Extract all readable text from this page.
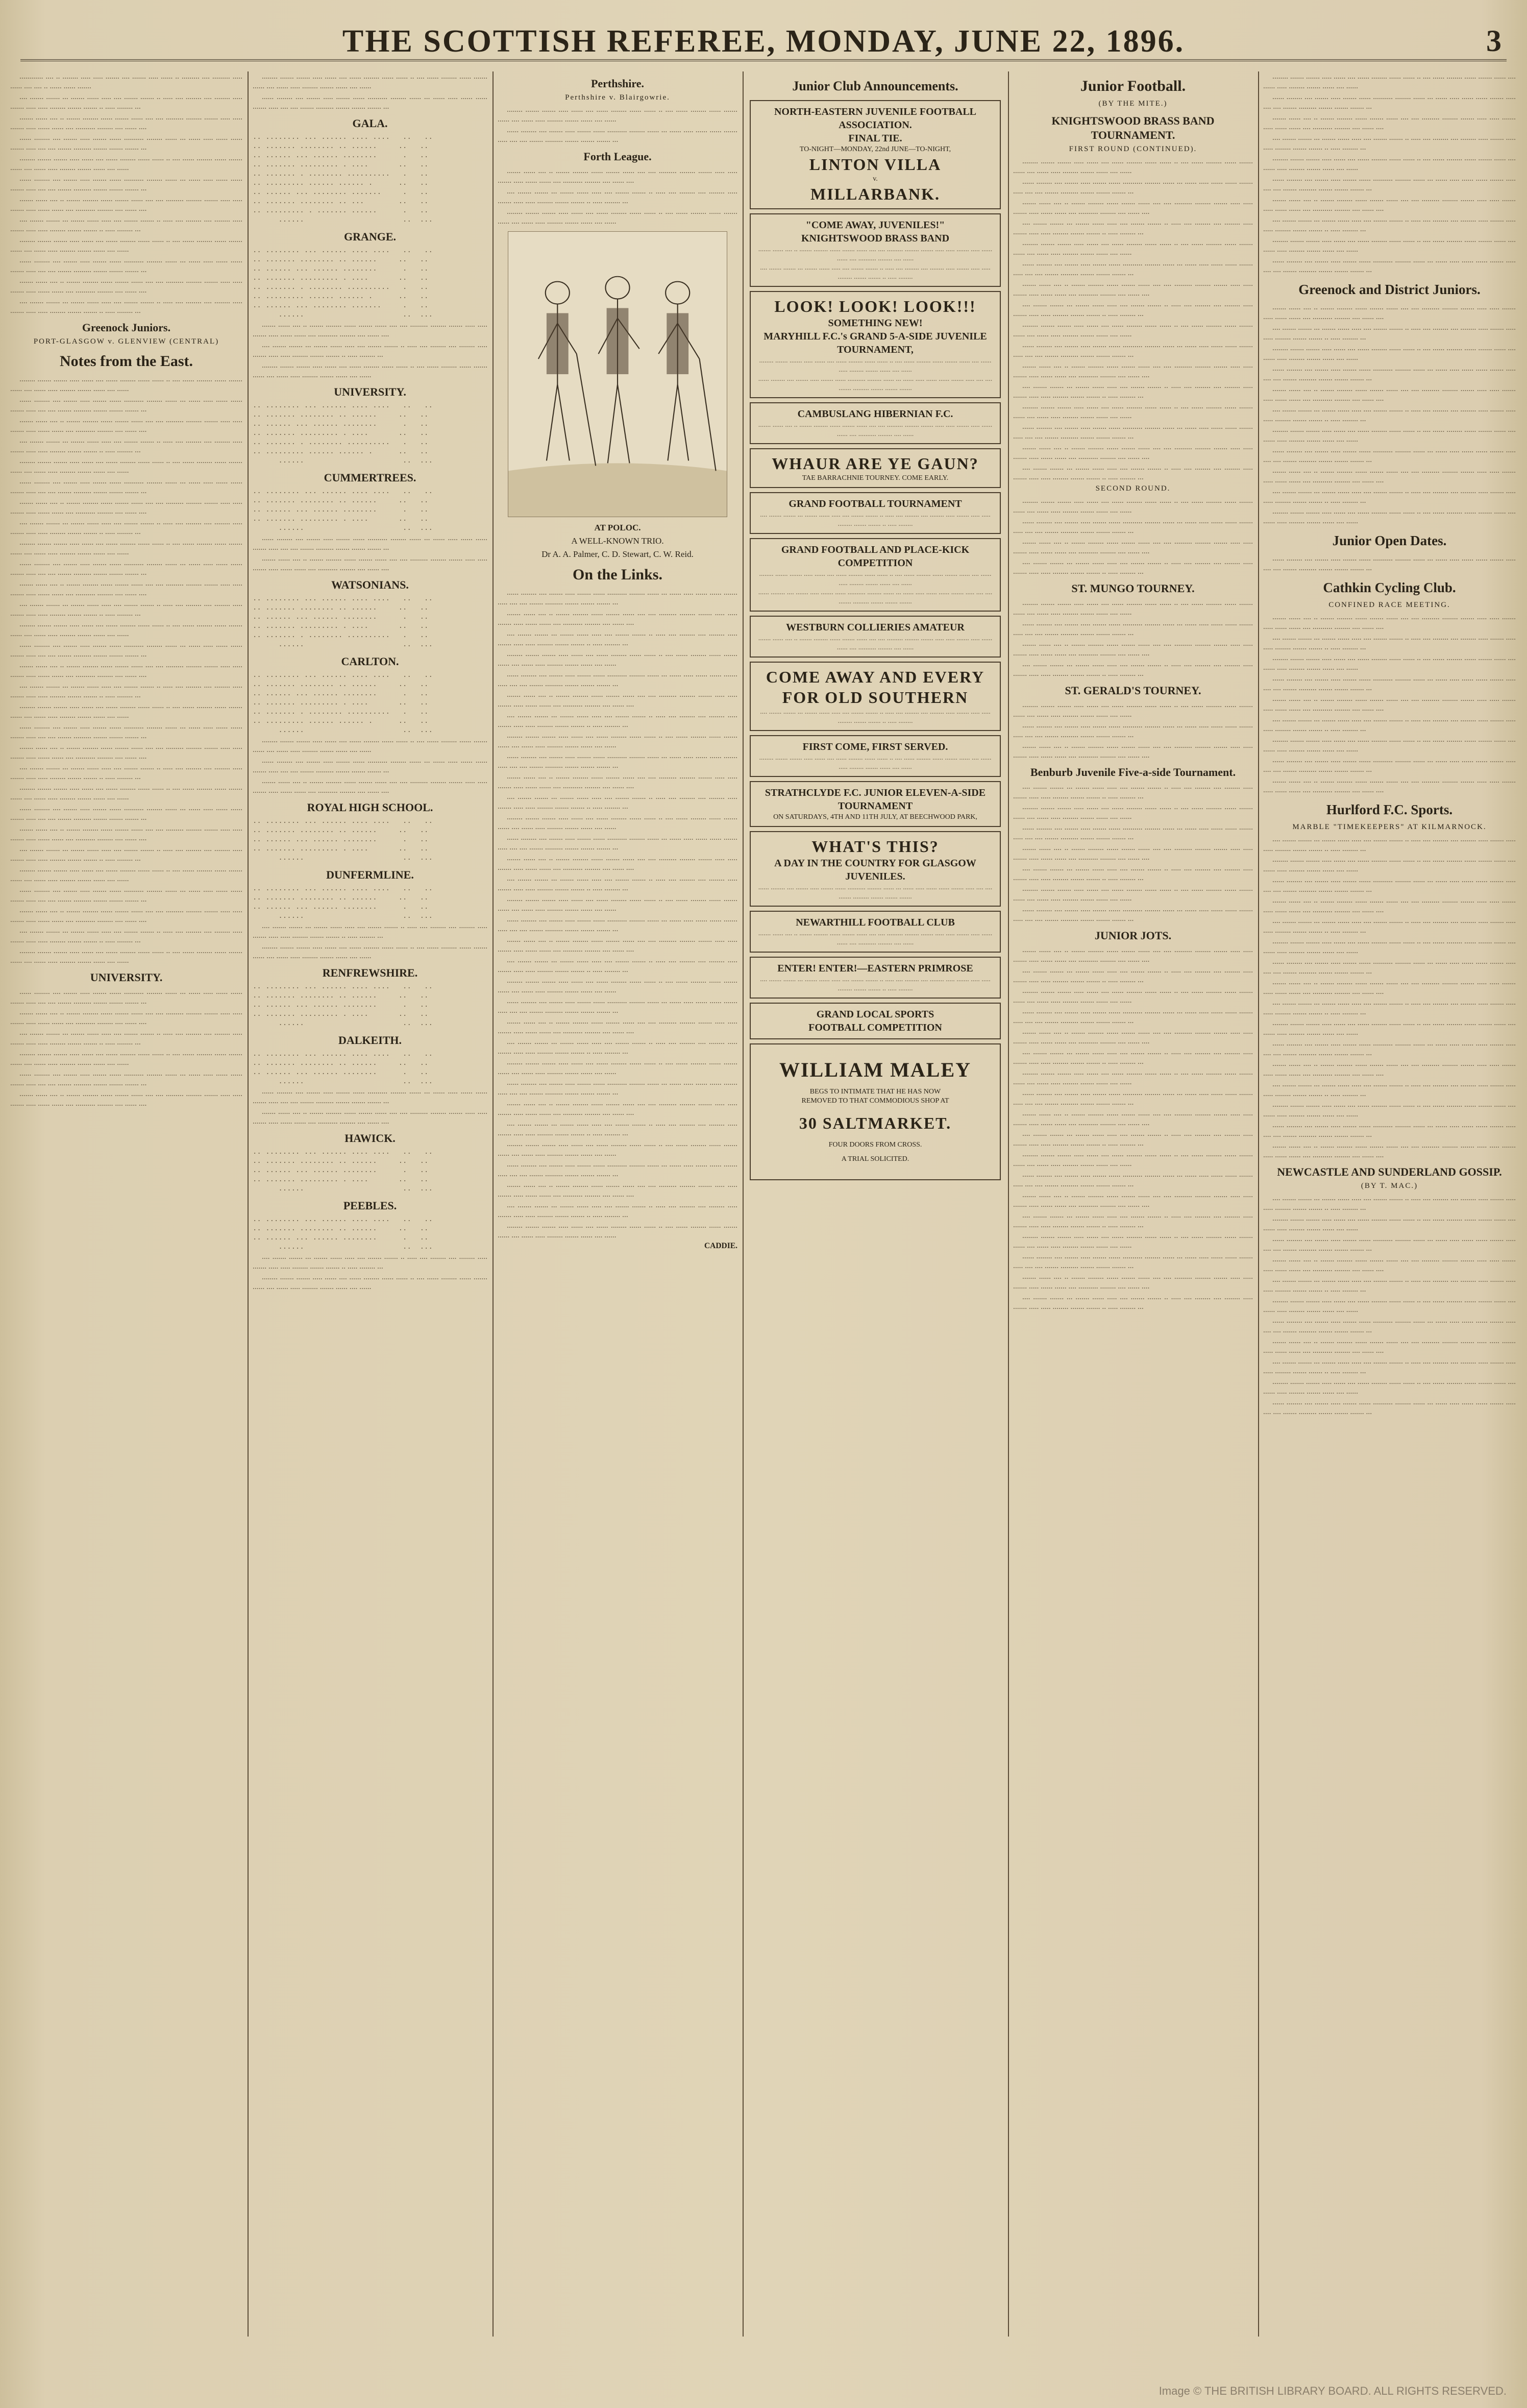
THE SCOTTISH REFEREE, MONDAY, JUNE 22, 1896.	3
............ .... .. ........ ..... ..... ....... .... ....... ..... ...... .. ......... .... ......... ..... ...... .... .... .. ...... ...... .......
.... ....... ....... ... ....... ...... ..... .... ....... ....... .. ..... .... ........ .... ........ ..... ....... ..... ..... ........ ....... ....... .. ..... ........ ...
....... ...... .... .. ....... ........ ...... ....... ...... .... .... ......... ........ ....... ..... ..... ....... ..... ...... ...... .... .......... ........ .... ...... ....
...... ........ .... ....... ..... ....... ...... .......... ........ ...... ... ...... ..... ...... ...... ....... ..... .... .... ....... ......... ....... ....... ....... ...
........ ....... ....... ..... ...... .... ...... ........ ...... ...... .. .... ...... ........ ...... ....... ...... .... ...... ..... ........ ....... ...... .... ......
...... ........ .... ....... ..... ....... ...... .......... ........ ...... ... ...... ..... ...... ...... ....... ..... .... .... ....... ......... ....... ....... ....... ...
....... ...... .... .. ....... ........ ...... ....... ...... .... .... ......... ........ ....... ..... ..... ....... ..... ...... ...... .... .......... ........ .... ...... ....
.... ....... ....... ... ....... ...... ..... .... ....... ....... .. ..... .... ........ .... ........ ..... ....... ..... ..... ........ ....... ....... .. ..... ........ ...
........ ....... ....... ..... ...... .... ...... ........ ...... ...... .. .... ...... ........ ...... ....... ...... .... ...... ..... ........ ....... ...... .... ......
...... ........ .... ....... ..... ....... ...... .......... ........ ...... ... ...... ..... ...... ...... ....... ..... .... .... ....... ......... ....... ....... ....... ...
....... ...... .... .. ....... ........ ...... ....... ...... .... .... ......... ........ ....... ..... ..... ....... ..... ...... ...... .... .......... ........ .... ...... ....
.... ....... ....... ... ....... ...... ..... .... ....... ....... .. ..... .... ........ .... ........ ..... ....... ..... ..... ........ ....... ....... .. ..... ........ ...
Greenock Juniors.
PORT-GLASGOW v. GLENVIEW (CENTRAL)
Notes from the East.
........ ....... ....... ..... ...... .... ...... ........ ...... ...... .. .... ...... ........ ...... ....... ...... .... ...... ..... ........ ....... ...... .... ......
...... ........ .... ....... ..... ....... ...... .......... ........ ...... ... ...... ..... ...... ...... ....... ..... .... .... ....... ......... ....... ....... ....... ...
....... ...... .... .. ....... ........ ...... ....... ...... .... .... ......... ........ ....... ..... ..... ....... ..... ...... ...... .... .......... ........ .... ...... ....
.... ....... ....... ... ....... ...... ..... .... ....... ....... .. ..... .... ........ .... ........ ..... ....... ..... ..... ........ ....... ....... .. ..... ........ ...
........ ....... ....... ..... ...... .... ...... ........ ...... ...... .. .... ...... ........ ...... ....... ...... .... ...... ..... ........ ....... ...... .... ......
...... ........ .... ....... ..... ....... ...... .......... ........ ...... ... ...... ..... ...... ...... ....... ..... .... .... ....... ......... ....... ....... ....... ...
....... ...... .... .. ....... ........ ...... ....... ...... .... .... ......... ........ ....... ..... ..... ....... ..... ...... ...... .... .......... ........ .... ...... ....
.... ....... ....... ... ....... ...... ..... .... ....... ....... .. ..... .... ........ .... ........ ..... ....... ..... ..... ........ ....... ....... .. ..... ........ ...
........ ....... ....... ..... ...... .... ...... ........ ...... ...... .. .... ...... ........ ...... ....... ...... .... ...... ..... ........ ....... ...... .... ......
...... ........ .... ....... ..... ....... ...... .......... ........ ...... ... ...... ..... ...... ...... ....... ..... .... .... ....... ......... ....... ....... ....... ...
....... ...... .... .. ....... ........ ...... ....... ...... .... .... ......... ........ ....... ..... ..... ....... ..... ...... ...... .... .......... ........ .... ...... ....
.... ....... ....... ... ....... ...... ..... .... ....... ....... .. ..... .... ........ .... ........ ..... ....... ..... ..... ........ ....... ....... .. ..... ........ ...
........ ....... ....... ..... ...... .... ...... ........ ...... ...... .. .... ...... ........ ...... ....... ...... .... ...... ..... ........ ....... ...... .... ......
...... ........ .... ....... ..... ....... ...... .......... ........ ...... ... ...... ..... ...... ...... ....... ..... .... .... ....... ......... ....... ....... ....... ...
....... ...... .... .. ....... ........ ...... ....... ...... .... .... ......... ........ ....... ..... ..... ....... ..... ...... ...... .... .......... ........ .... ...... ....
.... ....... ....... ... ....... ...... ..... .... ....... ....... .. ..... .... ........ .... ........ ..... ....... ..... ..... ........ ....... ....... .. ..... ........ ...
........ ....... ....... ..... ...... .... ...... ........ ...... ...... .. .... ...... ........ ...... ....... ...... .... ...... ..... ........ ....... ...... .... ......
...... ........ .... ....... ..... ....... ...... .......... ........ ...... ... ...... ..... ...... ...... ....... ..... .... .... ....... ......... ....... ....... ....... ...
....... ...... .... .. ....... ........ ...... ....... ...... .... .... ......... ........ ....... ..... ..... ....... ..... ...... ...... .... .......... ........ .... ...... ....
.... ....... ....... ... ....... ...... ..... .... ....... ....... .. ..... .... ........ .... ........ ..... ....... ..... ..... ........ ....... ....... .. ..... ........ ...
........ ....... ....... ..... ...... .... ...... ........ ...... ...... .. .... ...... ........ ...... ....... ...... .... ...... ..... ........ ....... ...... .... ......
...... ........ .... ....... ..... ....... ...... .......... ........ ...... ... ...... ..... ...... ...... ....... ..... .... .... ....... ......... ....... ....... ....... ...
....... ...... .... .. ....... ........ ...... ....... ...... .... .... ......... ........ ....... ..... ..... ....... ..... ...... ...... .... .......... ........ .... ...... ....
.... ....... ....... ... ....... ...... ..... .... ....... ....... .. ..... .... ........ .... ........ ..... ....... ..... ..... ........ ....... ....... .. ..... ........ ...
........ ....... ....... ..... ...... .... ...... ........ ...... ...... .. .... ...... ........ ...... ....... ...... .... ...... ..... ........ ....... ...... .... ......
...... ........ .... ....... ..... ....... ...... .......... ........ ...... ... ...... ..... ...... ...... ....... ..... .... .... ....... ......... ....... ....... ....... ...
....... ...... .... .. ....... ........ ...... ....... ...... .... .... ......... ........ ....... ..... ..... ....... ..... ...... ...... .... .......... ........ .... ...... ....
.... ....... ....... ... ....... ...... ..... .... ....... ....... .. ..... .... ........ .... ........ ..... ....... ..... ..... ........ ....... ....... .. ..... ........ ...
........ ....... ....... ..... ...... .... ...... ........ ...... ...... .. .... ...... ........ ...... ....... ...... .... ...... ..... ........ ....... ...... .... ......
UNIVERSITY.
...... ........ .... ....... ..... ....... ...... .......... ........ ...... ... ...... ..... ...... ...... ....... ..... .... .... ....... ......... ....... ....... ....... ...
....... ...... .... .. ....... ........ ...... ....... ...... .... .... ......... ........ ....... ..... ..... ....... ..... ...... ...... .... .......... ........ .... ...... ....
.... ....... ....... ... ....... ...... ..... .... ....... ....... .. ..... .... ........ .... ........ ..... ....... ..... ..... ........ ....... ....... .. ..... ........ ...
........ ....... ....... ..... ...... .... ...... ........ ...... ...... .. .... ...... ........ ...... ....... ...... .... ...... ..... ........ ....... ...... .... ......
...... ........ .... ....... ..... ....... ...... .......... ........ ...... ... ...... ..... ...... ...... ....... ..... .... .... ....... ......... ....... ....... ....... ...
....... ...... .... .. ....... ........ ...... ....... ...... .... .... ......... ........ ....... ..... ..... ....... ..... ...... ...... .... .......... ........ .... ...... ....
........ ....... ....... ..... ...... .... ...... ........ ...... ...... .. .... ...... ........ ...... ....... ...... .... ...... ..... ........ ....... ...... .... ......
...... ........ .... ....... ..... ....... ...... .......... ........ ...... ... ...... ..... ...... ...... ....... ..... .... .... ....... ......... ....... ....... ....... ...
GALA.
.. ........ ... ...... .... ....   ..   ..
.. ....... ........ .. ......     ..   ..
.. ...... ... ...... ........      .   ..
.. ....... ......... . ....       ..   ..
.. ....... . ........ ..........   .   ..
.. ......... ...... ...... .      ..   ..
.. ...... ... ........ .......     .   ..
.. ....... ........ .. ...        ..   ..
.. ......... . ....... ......      .   ..
......                       ..  ...
GRANGE.
.. ........ ... ...... .... ....   ..   ..
.. ....... ........ .. ......     ..   ..
.. ...... ... ...... ........      .   ..
.. ....... ......... . ....       ..   ..
.. ....... . ........ ..........   .   ..
.. ......... ...... ...... .      ..   ..
.. ...... ... ........ .......     .   ..
......                       ..  ...
....... ...... .... .. ....... ........ ...... ....... ...... .... .... ......... ........ ....... ..... ..... ....... ..... ...... ...... .... .......... ........ .... ...... ....
.... ....... ....... ... ....... ...... ..... .... ....... ....... .. ..... .... ........ .... ........ ..... ....... ..... ..... ........ ....... ....... .. ..... ........ ...
........ ....... ....... ..... ...... .... ...... ........ ...... ...... .. .... ...... ........ ...... ....... ...... .... ...... ..... ........ ....... ...... .... ......
UNIVERSITY.
.. ........ ... ...... .... ....   ..   ..
.. ....... ........ .. ......     ..   ..
.. ...... ... ...... ........      .   ..
.. ....... ......... . ....       ..   ..
.. ....... . ........ ..........   .   ..
.. ......... ...... ...... .      ..   ..
......                       ..  ...
CUMMERTREES.
.. ........ ... ...... .... ....   ..   ..
.. ....... ........ .. ......     ..   ..
.. ...... ... ...... ........      .   ..
.. ....... ......... . ....       ..   ..
......                       ..  ...
...... ........ .... ....... ..... ....... ...... .......... ........ ...... ... ...... ..... ...... ...... ....... ..... .... .... ....... ......... ....... ....... ....... ...
....... ...... .... .. ....... ........ ...... ....... ...... .... .... ......... ........ ....... ..... ..... ....... ..... ...... ...... .... .......... ........ .... ...... ....
WATSONIANS.
.. ........ ... ...... .... ....   ..   ..
.. ....... ........ .. ......     ..   ..
.. ...... ... ...... ........      .   ..
.. ....... ......... . ....       ..   ..
.. ....... . ........ ..........   .   ..
......                       ..  ...
CARLTON.
.. ........ ... ...... .... ....   ..   ..
.. ....... ........ .. ......     ..   ..
.. ...... ... ...... ........      .   ..
.. ....... ......... . ....       ..   ..
.. ....... . ........ ..........   .   ..
.. ......... ...... ...... .      ..   ..
......                       ..  ...
........ ....... ....... ..... ...... .... ...... ........ ...... ...... .. .... ...... ........ ...... ....... ...... .... ...... ..... ........ ....... ...... .... ......
...... ........ .... ....... ..... ....... ...... .......... ........ ...... ... ...... ..... ...... ...... ....... ..... .... .... ....... ......... ....... ....... ....... ...
....... ...... .... .. ....... ........ ...... ....... ...... .... .... ......... ........ ....... ..... ..... ....... ..... ...... ...... .... .......... ........ .... ...... ....
ROYAL HIGH SCHOOL.
.. ........ ... ...... .... ....   ..   ..
.. ....... ........ .. ......     ..   ..
.. ...... ... ...... ........      .   ..
.. ....... ......... . ....       ..   ..
......                       ..  ...
DUNFERMLINE.
.. ........ ... ...... .... ....   ..   ..
.. ....... ........ .. ......     ..   ..
.. ...... ... ...... ........      .   ..
......                       ..  ...
.... ....... ....... ... ....... ...... ..... .... ....... ....... .. ..... .... ........ .... ........ ..... ....... ..... ..... ........ ....... ....... .. ..... ........ ...
........ ....... ....... ..... ...... .... ...... ........ ...... ...... .. .... ...... ........ ...... ....... ...... .... ...... ..... ........ ....... ...... .... ......
RENFREWSHIRE.
.. ........ ... ...... .... ....   ..   ..
.. ....... ........ .. ......     ..   ..
.. ...... ... ...... ........      .   ..
.. ....... ......... . ....       ..   ..
......                       ..  ...
DALKEITH.
.. ........ ... ...... .... ....   ..   ..
.. ....... ........ .. ......     ..   ..
.. ...... ... ...... ........      .   ..
......                       ..  ...
...... ........ .... ....... ..... ....... ...... .......... ........ ...... ... ...... ..... ...... ...... ....... ..... .... .... ....... ......... ....... ....... ....... ...
....... ...... .... .. ....... ........ ...... ....... ...... .... .... ......... ........ ....... ..... ..... ....... ..... ...... ...... .... .......... ........ .... ...... ....
HAWICK.
.. ........ ... ...... .... ....   ..   ..
.. ....... ........ .. ......     ..   ..
.. ...... ... ...... ........      .   ..
.. ....... ......... . ....       ..   ..
......                       ..  ...
PEEBLES.
.. ........ ... ...... .... ....   ..   ..
.. ....... ........ .. ......     ..   ..
.. ...... ... ...... ........      .   ..
......                       ..  ...
.... ....... ....... ... ....... ...... ..... .... ....... ....... .. ..... .... ........ .... ........ ..... ....... ..... ..... ........ ....... ....... .. ..... ........ ...
........ ....... ....... ..... ...... .... ...... ........ ...... ...... .. .... ...... ........ ...... ....... ...... .... ...... ..... ........ ....... ...... .... ......
Perthshire.
Perthshire v. Blairgowrie.
........ ....... ....... ..... ...... .... ...... ........ ...... ...... .. .... ...... ........ ...... ....... ...... .... ...... ..... ........ ....... ...... .... ......
...... ........ .... ....... ..... ....... ...... .......... ........ ...... ... ...... ..... ...... ...... ....... ..... .... .... ....... ......... ....... ....... ....... ...
Forth League.
....... ...... .... .. ....... ........ ...... ....... ...... .... .... ......... ........ ....... ..... ..... ....... ..... ...... ...... .... .......... ........ .... ...... ....
.... ....... ....... ... ....... ...... ..... .... ....... ....... .. ..... .... ........ .... ........ ..... ....... ..... ..... ........ ....... ....... .. ..... ........ ...
........ ....... ....... ..... ...... .... ...... ........ ...... ...... .. .... ...... ........ ...... ....... ...... .... ...... ..... ........ ....... ...... .... ......
AT POLOC.
A WELL-KNOWN TRIO.
Dr A. A. Palmer, C. D. Stewart, C. W. Reid.
On the Links.
...... ........ .... ....... ..... ....... ...... .......... ........ ...... ... ...... ..... ...... ...... ....... ..... .... .... ....... ......... ....... ....... ....... ...
....... ...... .... .. ....... ........ ...... ....... ...... .... .... ......... ........ ....... ..... ..... ....... ..... ...... ...... .... .......... ........ .... ...... ....
.... ....... ....... ... ....... ...... ..... .... ....... ....... .. ..... .... ........ .... ........ ..... ....... ..... ..... ........ ....... ....... .. ..... ........ ...
........ ....... ....... ..... ...... .... ...... ........ ...... ...... .. .... ...... ........ ...... ....... ...... .... ...... ..... ........ ....... ...... .... ......
...... ........ .... ....... ..... ....... ...... .......... ........ ...... ... ...... ..... ...... ...... ....... ..... .... .... ....... ......... ....... ....... ....... ...
....... ...... .... .. ....... ........ ...... ....... ...... .... .... ......... ........ ....... ..... ..... ....... ..... ...... ...... .... .......... ........ .... ...... ....
.... ....... ....... ... ....... ...... ..... .... ....... ....... .. ..... .... ........ .... ........ ..... ....... ..... ..... ........ ....... ....... .. ..... ........ ...
........ ....... ....... ..... ...... .... ...... ........ ...... ...... .. .... ...... ........ ...... ....... ...... .... ...... ..... ........ ....... ...... .... ......
...... ........ .... ....... ..... ....... ...... .......... ........ ...... ... ...... ..... ...... ...... ....... ..... .... .... ....... ......... ....... ....... ....... ...
....... ...... .... .. ....... ........ ...... ....... ...... .... .... ......... ........ ....... ..... ..... ....... ..... ...... ...... .... .......... ........ .... ...... ....
.... ....... ....... ... ....... ...... ..... .... ....... ....... .. ..... .... ........ .... ........ ..... ....... ..... ..... ........ ....... ....... .. ..... ........ ...
........ ....... ....... ..... ...... .... ...... ........ ...... ...... .. .... ...... ........ ...... ....... ...... .... ...... ..... ........ ....... ...... .... ......
...... ........ .... ....... ..... ....... ...... .......... ........ ...... ... ...... ..... ...... ...... ....... ..... .... .... ....... ......... ....... ....... ....... ...
....... ...... .... .. ....... ........ ...... ....... ...... .... .... ......... ........ ....... ..... ..... ....... ..... ...... ...... .... .......... ........ .... ...... ....
.... ....... ....... ... ....... ...... ..... .... ....... ....... .. ..... .... ........ .... ........ ..... ....... ..... ..... ........ ....... ....... .. ..... ........ ...
........ ....... ....... ..... ...... .... ...... ........ ...... ...... .. .... ...... ........ ...... ....... ...... .... ...... ..... ........ ....... ...... .... ......
...... ........ .... ....... ..... ....... ...... .......... ........ ...... ... ...... ..... ...... ...... ....... ..... .... .... ....... ......... ....... ....... ....... ...
....... ...... .... .. ....... ........ ...... ....... ...... .... .... ......... ........ ....... ..... ..... ....... ..... ...... ...... .... .......... ........ .... ...... ....
.... ....... ....... ... ....... ...... ..... .... ....... ....... .. ..... .... ........ .... ........ ..... ....... ..... ..... ........ ....... ....... .. ..... ........ ...
........ ....... ....... ..... ...... .... ...... ........ ...... ...... .. .... ...... ........ ...... ....... ...... .... ...... ..... ........ ....... ...... .... ......
...... ........ .... ....... ..... ....... ...... .......... ........ ...... ... ...... ..... ...... ...... ....... ..... .... .... ....... ......... ....... ....... ....... ...
....... ...... .... .. ....... ........ ...... ....... ...... .... .... ......... ........ ....... ..... ..... ....... ..... ...... ...... .... .......... ........ .... ...... ....
.... ....... ....... ... ....... ...... ..... .... ....... ....... .. ..... .... ........ .... ........ ..... ....... ..... ..... ........ ....... ....... .. ..... ........ ...
........ ....... ....... ..... ...... .... ...... ........ ...... ...... .. .... ...... ........ ...... ....... ...... .... ...... ..... ........ ....... ...... .... ......
...... ........ .... ....... ..... ....... ...... .......... ........ ...... ... ...... ..... ...... ...... ....... ..... .... .... ....... ......... ....... ....... ....... ...
....... ...... .... .. ....... ........ ...... ....... ...... .... .... ......... ........ ....... ..... ..... ....... ..... ...... ...... .... .......... ........ .... ...... ....
.... ....... ....... ... ....... ...... ..... .... ....... ....... .. ..... .... ........ .... ........ ..... ....... ..... ..... ........ ....... ....... .. ..... ........ ...
........ ....... ....... ..... ...... .... ...... ........ ...... ...... .. .... ...... ........ ...... ....... ...... .... ...... ..... ........ ....... ...... .... ......
...... ........ .... ....... ..... ....... ...... .......... ........ ...... ... ...... ..... ...... ...... ....... ..... .... .... ....... ......... ....... ....... ....... ...
....... ...... .... .. ....... ........ ...... ....... ...... .... .... ......... ........ ....... ..... ..... ....... ..... ...... ...... .... .......... ........ .... ...... ....
.... ....... ....... ... ....... ...... ..... .... ....... ....... .. ..... .... ........ .... ........ ..... ....... ..... ..... ........ ....... ....... .. ..... ........ ...
........ ....... ....... ..... ...... .... ...... ........ ...... ...... .. .... ...... ........ ...... ....... ...... .... ...... ..... ........ ....... ...... .... ......
CADDIE.
Junior Club Announcements.
NORTH-EASTERN JUVENILE FOOTBALL ASSOCIATION.
FINAL TIE.
TO-NIGHT—MONDAY, 22nd JUNE—TO-NIGHT,
LINTON VILLA
v.
MILLARBANK.
"COME AWAY, JUVENILES!"
KNIGHTSWOOD BRASS BAND
....... ...... .... .. ....... ........ ...... ....... ...... .... .... ......... ........ ....... ..... ..... ....... ..... ...... ...... .... .......... ........ .... ......
.... ....... ....... ... ....... ...... ..... .... ....... ....... .. ..... .... ........ .... ........ ..... ....... ..... ..... ........ ....... ....... .. ..... ........
LOOK! LOOK! LOOK!!!
SOMETHING NEW!
MARYHILL F.C.'s GRAND 5-A-SIDE JUVENILE TOURNAMENT,
........ ....... ....... ..... ...... .... ...... ........ ...... ...... .. .... ...... ........ ...... ....... ...... .... ...... ..... ........ ....... ...... .... ......
...... ........ .... ....... ..... ....... ...... .......... ........ ...... ... ...... ..... ...... ...... ....... ..... .... .... ....... ......... ....... ....... .......
CAMBUSLANG HIBERNIAN F.C.
....... ...... .... .. ....... ........ ...... ....... ...... .... .... ......... ........ ....... ..... ..... ....... ..... ...... ...... .... .......... ........ .... ......
WHAUR ARE YE GAUN?
TAE BARRACHNIE TOURNEY. COME EARLY.
GRAND FOOTBALL TOURNAMENT
.... ....... ....... ... ....... ...... ..... .... ....... ....... .. ..... .... ........ .... ........ ..... ....... ..... ..... ........ ....... ....... .. ..... ........
GRAND FOOTBALL AND PLACE-KICK COMPETITION
........ ....... ....... ..... ...... .... ...... ........ ...... ...... .. .... ...... ........ ...... ....... ...... .... ...... ..... ........ ....... ...... .... ......
...... ........ .... ....... ..... ....... ...... .......... ........ ...... ... ...... ..... ...... ...... ....... ..... .... .... ....... ......... ....... ....... .......
WESTBURN COLLIERIES AMATEUR
....... ...... .... .. ....... ........ ...... ....... ...... .... .... ......... ........ ....... ..... ..... ....... ..... ...... ...... .... .......... ........ .... ......
COME AWAY AND EVERY FOR OLD SOUTHERN
.... ....... ....... ... ....... ...... ..... .... ....... ....... .. ..... .... ........ .... ........ ..... ....... ..... ..... ........ ....... ....... .. ..... ........
FIRST COME, FIRST SERVED.
........ ....... ....... ..... ...... .... ...... ........ ...... ...... .. .... ...... ........ ...... ....... ...... .... ...... ..... ........ ....... ...... .... ......
STRATHCLYDE F.C. JUNIOR ELEVEN-A-SIDE TOURNAMENT
ON SATURDAYS, 4TH AND 11TH JULY, AT BEECHWOOD PARK,
WHAT'S THIS?
A DAY IN THE COUNTRY FOR GLASGOW JUVENILES.
...... ........ .... ....... ..... ....... ...... .......... ........ ...... ... ...... ..... ...... ...... ....... ..... .... .... ....... ......... ....... ....... .......
NEWARTHILL FOOTBALL CLUB
....... ...... .... .. ....... ........ ...... ....... ...... .... .... ......... ........ ....... ..... ..... ....... ..... ...... ...... .... .......... ........ .... ......
ENTER! ENTER!—EASTERN PRIMROSE
.... ....... ....... ... ....... ...... ..... .... ....... ....... .. ..... .... ........ .... ........ ..... ....... ..... ..... ........ ....... ....... .. ..... ........
GRAND LOCAL SPORTS
FOOTBALL COMPETITION
WILLIAM MALEY
BEGS TO INTIMATE THAT HE HAS NOW
REMOVED TO THAT COMMODIOUS SHOP AT
30 SALTMARKET.
FOUR DOORS FROM CROSS.
A TRIAL SOLICITED.
Junior Football.
(BY THE MITE.)
KNIGHTSWOOD BRASS BAND TOURNAMENT.
FIRST ROUND (CONTINUED).
........ ....... ....... ..... ...... .... ...... ........ ...... ...... .. .... ...... ........ ...... ....... ...... .... ...... ..... ........ ....... ...... .... ......
...... ........ .... ....... ..... ....... ...... .......... ........ ...... ... ...... ..... ...... ...... ....... ..... .... .... ....... ......... ....... ....... ....... ...
....... ...... .... .. ....... ........ ...... ....... ...... .... .... ......... ........ ....... ..... ..... ....... ..... ...... ...... .... .......... ........ .... ...... ....
.... ....... ....... ... ....... ...... ..... .... ....... ....... .. ..... .... ........ .... ........ ..... ....... ..... ..... ........ ....... ....... .. ..... ........ ...
........ ....... ....... ..... ...... .... ...... ........ ...... ...... .. .... ...... ........ ...... ....... ...... .... ...... ..... ........ ....... ...... .... ......
...... ........ .... ....... ..... ....... ...... .......... ........ ...... ... ...... ..... ...... ...... ....... ..... .... .... ....... ......... ....... ....... ....... ...
....... ...... .... .. ....... ........ ...... ....... ...... .... .... ......... ........ ....... ..... ..... ....... ..... ...... ...... .... .......... ........ .... ...... ....
.... ....... ....... ... ....... ...... ..... .... ....... ....... .. ..... .... ........ .... ........ ..... ....... ..... ..... ........ ....... ....... .. ..... ........ ...
........ ....... ....... ..... ...... .... ...... ........ ...... ...... .. .... ...... ........ ...... ....... ...... .... ...... ..... ........ ....... ...... .... ......
...... ........ .... ....... ..... ....... ...... .......... ........ ...... ... ...... ..... ...... ...... ....... ..... .... .... ....... ......... ....... ....... ....... ...
....... ...... .... .. ....... ........ ...... ....... ...... .... .... ......... ........ ....... ..... ..... ....... ..... ...... ...... .... .......... ........ .... ...... ....
.... ....... ....... ... ....... ...... ..... .... ....... ....... .. ..... .... ........ .... ........ ..... ....... ..... ..... ........ ....... ....... .. ..... ........ ...
........ ....... ....... ..... ...... .... ...... ........ ...... ...... .. .... ...... ........ ...... ....... ...... .... ...... ..... ........ ....... ...... .... ......
...... ........ .... ....... ..... ....... ...... .......... ........ ...... ... ...... ..... ...... ...... ....... ..... .... .... ....... ......... ....... ....... ....... ...
....... ...... .... .. ....... ........ ...... ....... ...... .... .... ......... ........ ....... ..... ..... ....... ..... ...... ...... .... .......... ........ .... ...... ....
.... ....... ....... ... ....... ...... ..... .... ....... ....... .. ..... .... ........ .... ........ ..... ....... ..... ..... ........ ....... ....... .. ..... ........ ...
SECOND ROUND.
........ ....... ....... ..... ...... .... ...... ........ ...... ...... .. .... ...... ........ ...... ....... ...... .... ...... ..... ........ ....... ...... .... ......
...... ........ .... ....... ..... ....... ...... .......... ........ ...... ... ...... ..... ...... ...... ....... ..... .... .... ....... ......... ....... ....... ....... ...
....... ...... .... .. ....... ........ ...... ....... ...... .... .... ......... ........ ....... ..... ..... ....... ..... ...... ...... .... .......... ........ .... ...... ....
.... ....... ....... ... ....... ...... ..... .... ....... ....... .. ..... .... ........ .... ........ ..... ....... ..... ..... ........ ....... ....... .. ..... ........ ...
ST. MUNGO TOURNEY.
........ ....... ....... ..... ...... .... ...... ........ ...... ...... .. .... ...... ........ ...... ....... ...... .... ...... ..... ........ ....... ...... .... ......
...... ........ .... ....... ..... ....... ...... .......... ........ ...... ... ...... ..... ...... ...... ....... ..... .... .... ....... ......... ....... ....... ....... ...
....... ...... .... .. ....... ........ ...... ....... ...... .... .... ......... ........ ....... ..... ..... ....... ..... ...... ...... .... .......... ........ .... ...... ....
.... ....... ....... ... ....... ...... ..... .... ....... ....... .. ..... .... ........ .... ........ ..... ....... ..... ..... ........ ....... ....... .. ..... ........ ...
ST. GERALD'S TOURNEY.
........ ....... ....... ..... ...... .... ...... ........ ...... ...... .. .... ...... ........ ...... ....... ...... .... ...... ..... ........ ....... ...... .... ......
...... ........ .... ....... ..... ....... ...... .......... ........ ...... ... ...... ..... ...... ...... ....... ..... .... .... ....... ......... ....... ....... ....... ...
....... ...... .... .. ....... ........ ...... ....... ...... .... .... ......... ........ ....... ..... ..... ....... ..... ...... ...... .... .......... ........ .... ...... ....
Benburb Juvenile Five-a-side Tournament.
.... ....... ....... ... ....... ...... ..... .... ....... ....... .. ..... .... ........ .... ........ ..... ....... ..... ..... ........ ....... ....... .. ..... ........ ...
........ ....... ....... ..... ...... .... ...... ........ ...... ...... .. .... ...... ........ ...... ....... ...... .... ...... ..... ........ ....... ...... .... ......
...... ........ .... ....... ..... ....... ...... .......... ........ ...... ... ...... ..... ...... ...... ....... ..... .... .... ....... ......... ....... ....... ....... ...
....... ...... .... .. ....... ........ ...... ....... ...... .... .... ......... ........ ....... ..... ..... ....... ..... ...... ...... .... .......... ........ .... ...... ....
.... ....... ....... ... ....... ...... ..... .... ....... ....... .. ..... .... ........ .... ........ ..... ....... ..... ..... ........ ....... ....... .. ..... ........ ...
........ ....... ....... ..... ...... .... ...... ........ ...... ...... .. .... ...... ........ ...... ....... ...... .... ...... ..... ........ ....... ...... .... ......
...... ........ .... ....... ..... ....... ...... .......... ........ ...... ... ...... ..... ...... ...... ....... ..... .... .... ....... ......... ....... ....... ....... ...
JUNIOR JOTS.
....... ...... .... .. ....... ........ ...... ....... ...... .... .... ......... ........ ....... ..... ..... ....... ..... ...... ...... .... .......... ........ .... ...... ....
.... ....... ....... ... ....... ...... ..... .... ....... ....... .. ..... .... ........ .... ........ ..... ....... ..... ..... ........ ....... ....... .. ..... ........ ...
........ ....... ....... ..... ...... .... ...... ........ ...... ...... .. .... ...... ........ ...... ....... ...... .... ...... ..... ........ ....... ...... .... ......
...... ........ .... ....... ..... ....... ...... .......... ........ ...... ... ...... ..... ...... ...... ....... ..... .... .... ....... ......... ....... ....... ....... ...
....... ...... .... .. ....... ........ ...... ....... ...... .... .... ......... ........ ....... ..... ..... ....... ..... ...... ...... .... .......... ........ .... ...... ....
.... ....... ....... ... ....... ...... ..... .... ....... ....... .. ..... .... ........ .... ........ ..... ....... ..... ..... ........ ....... ....... .. ..... ........ ...
........ ....... ....... ..... ...... .... ...... ........ ...... ...... .. .... ...... ........ ...... ....... ...... .... ...... ..... ........ ....... ...... .... ......
...... ........ .... ....... ..... ....... ...... .......... ........ ...... ... ...... ..... ...... ...... ....... ..... .... .... ....... ......... ....... ....... ....... ...
....... ...... .... .. ....... ........ ...... ....... ...... .... .... ......... ........ ....... ..... ..... ....... ..... ...... ...... .... .......... ........ .... ...... ....
.... ....... ....... ... ....... ...... ..... .... ....... ....... .. ..... .... ........ .... ........ ..... ....... ..... ..... ........ ....... ....... .. ..... ........ ...
........ ....... ....... ..... ...... .... ...... ........ ...... ...... .. .... ...... ........ ...... ....... ...... .... ...... ..... ........ ....... ...... .... ......
...... ........ .... ....... ..... ....... ...... .......... ........ ...... ... ...... ..... ...... ...... ....... ..... .... .... ....... ......... ....... ....... ....... ...
....... ...... .... .. ....... ........ ...... ....... ...... .... .... ......... ........ ....... ..... ..... ....... ..... ...... ...... .... .......... ........ .... ...... ....
.... ....... ....... ... ....... ...... ..... .... ....... ....... .. ..... .... ........ .... ........ ..... ....... ..... ..... ........ ....... ....... .. ..... ........ ...
........ ....... ....... ..... ...... .... ...... ........ ...... ...... .. .... ...... ........ ...... ....... ...... .... ...... ..... ........ ....... ...... .... ......
...... ........ .... ....... ..... ....... ...... .......... ........ ...... ... ...... ..... ...... ...... ....... ..... .... .... ....... ......... ....... ....... ....... ...
....... ...... .... .. ....... ........ ...... ....... ...... .... .... ......... ........ ....... ..... ..... ....... ..... ...... ...... .... .......... ........ .... ...... ....
.... ....... ....... ... ....... ...... ..... .... ....... ....... .. ..... .... ........ .... ........ ..... ....... ..... ..... ........ ....... ....... .. ..... ........ ...
........ ....... ....... ..... ...... .... ...... ........ ...... ...... .. .... ...... ........ ...... ....... ...... .... ...... ..... ........ ....... ...... .... ......
...... ........ .... ....... ..... ....... ...... .......... ........ ...... ... ...... ..... ...... ...... ....... ..... .... .... ....... ......... ....... ....... ....... ...
....... ...... .... .. ....... ........ ...... ....... ...... .... .... ......... ........ ....... ..... ..... ....... ..... ...... ...... .... .......... ........ .... ...... ....
.... ....... ....... ... ....... ...... ..... .... ....... ....... .. ..... .... ........ .... ........ ..... ....... ..... ..... ........ ....... ....... .. ..... ........ ...
........ ....... ....... ..... ...... .... ...... ........ ...... ...... .. .... ...... ........ ...... ....... ...... .... ...... ..... ........ ....... ...... .... ......
...... ........ .... ....... ..... ....... ...... .......... ........ ...... ... ...... ..... ...... ...... ....... ..... .... .... ....... ......... ....... ....... ....... ...
....... ...... .... .. ....... ........ ...... ....... ...... .... .... ......... ........ ....... ..... ..... ....... ..... ...... ...... .... .......... ........ .... ...... ....
.... ....... ....... ... ....... ...... ..... .... ....... ....... .. ..... .... ........ .... ........ ..... ....... ..... ..... ........ ....... ....... .. ..... ........ ...
........ ....... ....... ..... ...... .... ...... ........ ...... ...... .. .... ...... ........ ...... ....... ...... .... ...... ..... ........ ....... ...... .... ......
...... ........ .... ....... ..... ....... ...... .......... ........ ...... ... ...... ..... ...... ...... ....... ..... .... .... ....... ......... ....... ....... ....... ...
Greenock and District Juniors.
....... ...... .... .. ....... ........ ...... ....... ...... .... .... ......... ........ ....... ..... ..... ....... ..... ...... ...... .... .......... ........ .... ...... ....
.... ....... ....... ... ....... ...... ..... .... ....... ....... .. ..... .... ........ .... ........ ..... ....... ..... ..... ........ ....... ....... .. ..... ........ ...
........ ....... ....... ..... ...... .... ...... ........ ...... ...... .. .... ...... ........ ...... ....... ...... .... ...... ..... ........ ....... ...... .... ......
...... ........ .... ....... ..... ....... ...... .......... ........ ...... ... ...... ..... ...... ...... ....... ..... .... .... ....... ......... ....... ....... ....... ...
....... ...... .... .. ....... ........ ...... ....... ...... .... .... ......... ........ ....... ..... ..... ....... ..... ...... ...... .... .......... ........ .... ...... ....
.... ....... ....... ... ....... ...... ..... .... ....... ....... .. ..... .... ........ .... ........ ..... ....... ..... ..... ........ ....... ....... .. ..... ........ ...
........ ....... ....... ..... ...... .... ...... ........ ...... ...... .. .... ...... ........ ...... ....... ...... .... ...... ..... ........ ....... ...... .... ......
...... ........ .... ....... ..... ....... ...... .......... ........ ...... ... ...... ..... ...... ...... ....... ..... .... .... ....... ......... ....... ....... ....... ...
....... ...... .... .. ....... ........ ...... ....... ...... .... .... ......... ........ ....... ..... ..... ....... ..... ...... ...... .... .......... ........ .... ...... ....
.... ....... ....... ... ....... ...... ..... .... ....... ....... .. ..... .... ........ .... ........ ..... ....... ..... ..... ........ ....... ....... .. ..... ........ ...
........ ....... ....... ..... ...... .... ...... ........ ...... ...... .. .... ...... ........ ...... ....... ...... .... ...... ..... ........ ....... ...... .... ......
Junior Open Dates.
...... ........ .... ....... ..... ....... ...... .......... ........ ...... ... ...... ..... ...... ...... ....... ..... .... .... ....... ......... ....... ....... ....... ...
Cathkin Cycling Club.
CONFINED RACE MEETING.
....... ...... .... .. ....... ........ ...... ....... ...... .... .... ......... ........ ....... ..... ..... ....... ..... ...... ...... .... .......... ........ .... ...... ....
.... ....... ....... ... ....... ...... ..... .... ....... ....... .. ..... .... ........ .... ........ ..... ....... ..... ..... ........ ....... ....... .. ..... ........ ...
........ ....... ....... ..... ...... .... ...... ........ ...... ...... .. .... ...... ........ ...... ....... ...... .... ...... ..... ........ ....... ...... .... ......
...... ........ .... ....... ..... ....... ...... .......... ........ ...... ... ...... ..... ...... ...... ....... ..... .... .... ....... ......... ....... ....... ....... ...
....... ...... .... .. ....... ........ ...... ....... ...... .... .... ......... ........ ....... ..... ..... ....... ..... ...... ...... .... .......... ........ .... ...... ....
.... ....... ....... ... ....... ...... ..... .... ....... ....... .. ..... .... ........ .... ........ ..... ....... ..... ..... ........ ....... ....... .. ..... ........ ...
........ ....... ....... ..... ...... .... ...... ........ ...... ...... .. .... ...... ........ ...... ....... ...... .... ...... ..... ........ ....... ...... .... ......
...... ........ .... ....... ..... ....... ...... .......... ........ ...... ... ...... ..... ...... ...... ....... ..... .... .... ....... ......... ....... ....... ....... ...
....... ...... .... .. ....... ........ ...... ....... ...... .... .... ......... ........ ....... ..... ..... ....... ..... ...... ...... .... .......... ........ .... ...... ....
Hurlford F.C. Sports.
MARBLE "TIMEKEEPERS" AT KILMARNOCK.
.... ....... ....... ... ....... ...... ..... .... ....... ....... .. ..... .... ........ .... ........ ..... ....... ..... ..... ........ ....... ....... .. ..... ........ ...
........ ....... ....... ..... ...... .... ...... ........ ...... ...... .. .... ...... ........ ...... ....... ...... .... ...... ..... ........ ....... ...... .... ......
...... ........ .... ....... ..... ....... ...... .......... ........ ...... ... ...... ..... ...... ...... ....... ..... .... .... ....... ......... ....... ....... ....... ...
....... ...... .... .. ....... ........ ...... ....... ...... .... .... ......... ........ ....... ..... ..... ....... ..... ...... ...... .... .......... ........ .... ...... ....
.... ....... ....... ... ....... ...... ..... .... ....... ....... .. ..... .... ........ .... ........ ..... ....... ..... ..... ........ ....... ....... .. ..... ........ ...
........ ....... ....... ..... ...... .... ...... ........ ...... ...... .. .... ...... ........ ...... ....... ...... .... ...... ..... ........ ....... ...... .... ......
...... ........ .... ....... ..... ....... ...... .......... ........ ...... ... ...... ..... ...... ...... ....... ..... .... .... ....... ......... ....... ....... ....... ...
....... ...... .... .. ....... ........ ...... ....... ...... .... .... ......... ........ ....... ..... ..... ....... ..... ...... ...... .... .......... ........ .... ...... ....
.... ....... ....... ... ....... ...... ..... .... ....... ....... .. ..... .... ........ .... ........ ..... ....... ..... ..... ........ ....... ....... .. ..... ........ ...
........ ....... ....... ..... ...... .... ...... ........ ...... ...... .. .... ...... ........ ...... ....... ...... .... ...... ..... ........ ....... ...... .... ......
...... ........ .... ....... ..... ....... ...... .......... ........ ...... ... ...... ..... ...... ...... ....... ..... .... .... ....... ......... ....... ....... ....... ...
....... ...... .... .. ....... ........ ...... ....... ...... .... .... ......... ........ ....... ..... ..... ....... ..... ...... ...... .... .......... ........ .... ...... ....
.... ....... ....... ... ....... ...... ..... .... ....... ....... .. ..... .... ........ .... ........ ..... ....... ..... ..... ........ ....... ....... .. ..... ........ ...
........ ....... ....... ..... ...... .... ...... ........ ...... ...... .. .... ...... ........ ...... ....... ...... .... ...... ..... ........ ....... ...... .... ......
...... ........ .... ....... ..... ....... ...... .......... ........ ...... ... ...... ..... ...... ...... ....... ..... .... .... ....... ......... ....... ....... ....... ...
....... ...... .... .. ....... ........ ...... ....... ...... .... .... ......... ........ ....... ..... ..... ....... ..... ...... ...... .... .......... ........ .... ...... ....
NEWCASTLE AND SUNDERLAND GOSSIP.
(BY T. MAC.)
.... ....... ....... ... ....... ...... ..... .... ....... ....... .. ..... .... ........ .... ........ ..... ....... ..... ..... ........ ....... ....... .. ..... ........ ...
........ ....... ....... ..... ...... .... ...... ........ ...... ...... .. .... ...... ........ ...... ....... ...... .... ...... ..... ........ ....... ...... .... ......
...... ........ .... ....... ..... ....... ...... .......... ........ ...... ... ...... ..... ...... ...... ....... ..... .... .... ....... ......... ....... ....... ....... ...
....... ...... .... .. ....... ........ ...... ....... ...... .... .... ......... ........ ....... ..... ..... ....... ..... ...... ...... .... .......... ........ .... ...... ....
.... ....... ....... ... ....... ...... ..... .... ....... ....... .. ..... .... ........ .... ........ ..... ....... ..... ..... ........ ....... ....... .. ..... ........ ...
........ ....... ....... ..... ...... .... ...... ........ ...... ...... .. .... ...... ........ ...... ....... ...... .... ...... ..... ........ ....... ...... .... ......
...... ........ .... ....... ..... ....... ...... .......... ........ ...... ... ...... ..... ...... ...... ....... ..... .... .... ....... ......... ....... ....... ....... ...
....... ...... .... .. ....... ........ ...... ....... ...... .... .... ......... ........ ....... ..... ..... ....... ..... ...... ...... .... .......... ........ .... ...... ....
.... ....... ....... ... ....... ...... ..... .... ....... ....... .. ..... .... ........ .... ........ ..... ....... ..... ..... ........ ....... ....... .. ..... ........ ...
........ ....... ....... ..... ...... .... ...... ........ ...... ...... .. .... ...... ........ ...... ....... ...... .... ...... ..... ........ ....... ...... .... ......
...... ........ .... ....... ..... ....... ...... .......... ........ ...... ... ...... ..... ...... ...... ....... ..... .... .... ....... ......... ....... ....... ....... ...
Image © THE BRITISH LIBRARY BOARD. ALL RIGHTS RESERVED.
